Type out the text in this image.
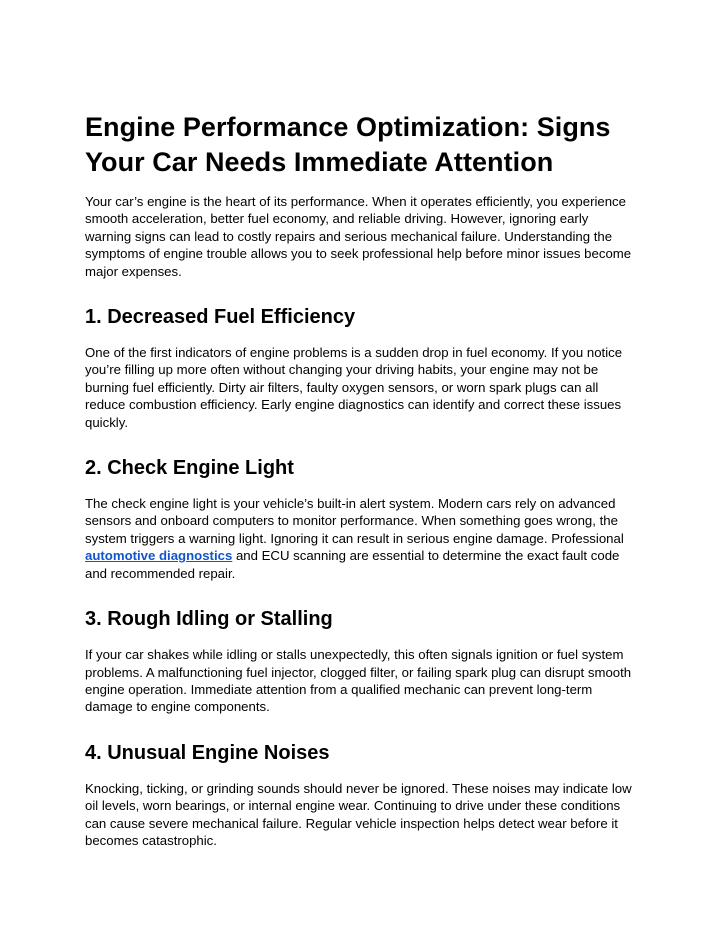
Engine Performance Optimization: Signs Your Car Needs Immediate Attention

Your car’s engine is the heart of its performance. When it operates efficiently, you experience smooth acceleration, better fuel economy, and reliable driving. However, ignoring early warning signs can lead to costly repairs and serious mechanical failure. Understanding the symptoms of engine trouble allows you to seek professional help before minor issues become major expenses.

1. Decreased Fuel Efficiency

One of the first indicators of engine problems is a sudden drop in fuel economy. If you notice you’re filling up more often without changing your driving habits, your engine may not be burning fuel efficiently. Dirty air filters, faulty oxygen sensors, or worn spark plugs can all reduce combustion efficiency. Early engine diagnostics can identify and correct these issues quickly.

2. Check Engine Light

The check engine light is your vehicle’s built-in alert system. Modern cars rely on advanced sensors and onboard computers to monitor performance. When something goes wrong, the system triggers a warning light. Ignoring it can result in serious engine damage. Professional automotive diagnostics and ECU scanning are essential to determine the exact fault code and recommended repair.

3. Rough Idling or Stalling

If your car shakes while idling or stalls unexpectedly, this often signals ignition or fuel system problems. A malfunctioning fuel injector, clogged filter, or failing spark plug can disrupt smooth engine operation. Immediate attention from a qualified mechanic can prevent long-term damage to engine components.

4. Unusual Engine Noises

Knocking, ticking, or grinding sounds should never be ignored. These noises may indicate low oil levels, worn bearings, or internal engine wear. Continuing to drive under these conditions can cause severe mechanical failure. Regular vehicle inspection helps detect wear before it becomes catastrophic.
